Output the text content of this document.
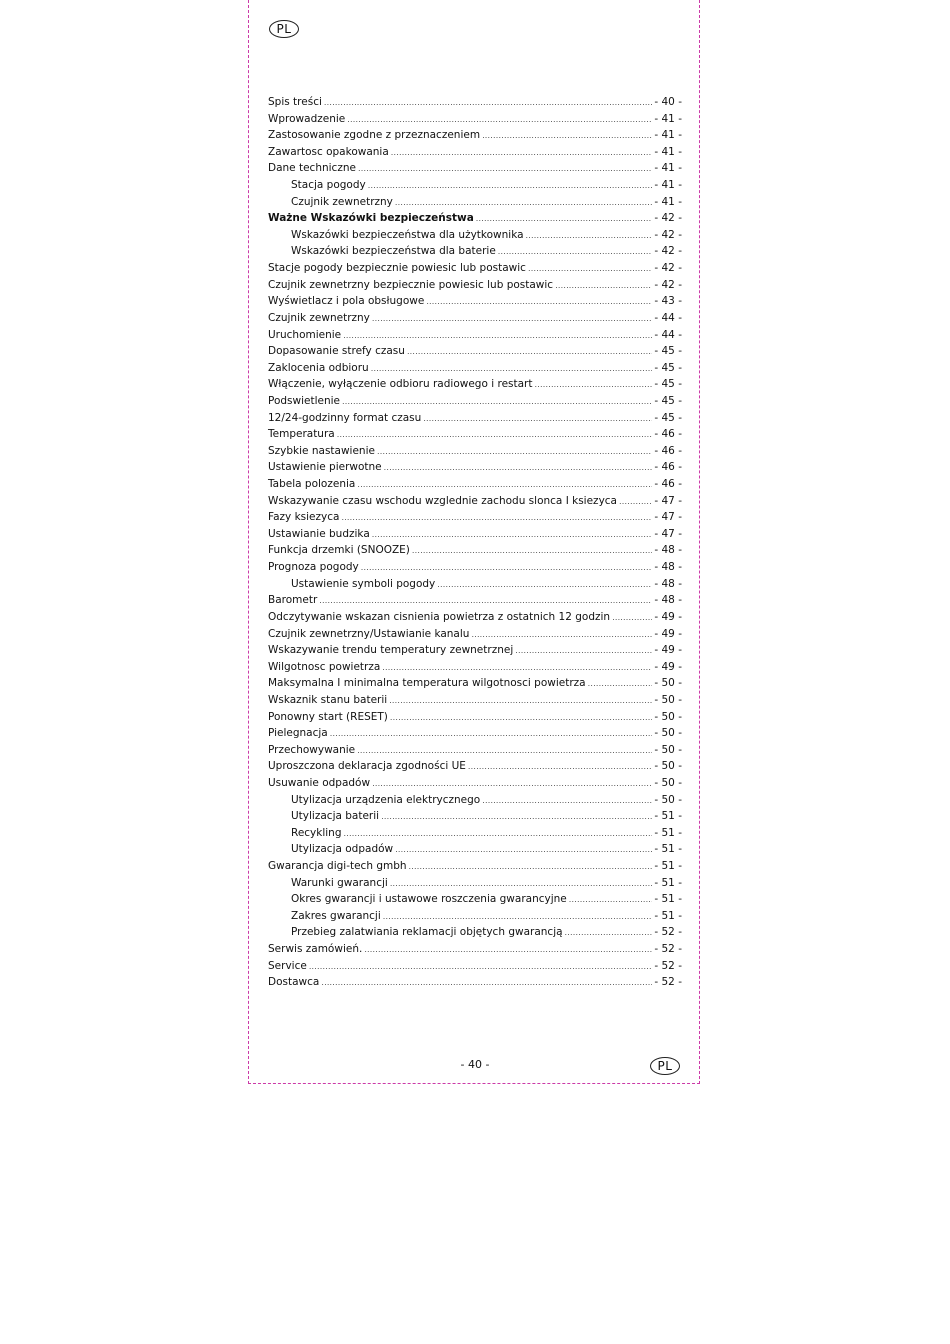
PL
Spis treści .....	- 40 -
Wprowadzenie .....	- 41 -
Zastosowanie zgodne z przeznaczeniem .....	- 41 -
Zawartosc opakowania .....	- 41 -
Dane techniczne .....	- 41 -
Stacja pogody .....	- 41 -
Czujnik zewnetrzny .....	- 41 -
Ważne Wskazówki bezpieczeństwa .....	- 42 -
Wskazówki bezpieczeństwa dla użytkownika .....	- 42 -
Wskazówki bezpieczeństwa dla baterie .....	- 42 -
Stacje pogody bezpiecznie powiesic lub postawic .....	- 42 -
Czujnik zewnetrzny bezpiecznie powiesic lub postawic .....	- 42 -
Wyświetlacz i pola obsługowe .....	- 43 -
Czujnik zewnetrzny .....	- 44 -
Uruchomienie .....	- 44 -
Dopasowanie strefy czasu .....	- 45 -
Zaklocenia odbioru .....	- 45 -
Włączenie, wyłączenie odbioru radiowego i restart .....	- 45 -
Podswietlenie .....	- 45 -
12/24-godzinny format czasu .....	- 45 -
Temperatura .....	- 46 -
Szybkie nastawienie .....	- 46 -
Ustawienie pierwotne .....	- 46 -
Tabela polozenia .....	- 46 -
Wskazywanie czasu wschodu wzglednie zachodu slonca I ksiezyca .....	- 47 -
Fazy ksiezyca .....	- 47 -
Ustawianie budzika .....	- 47 -
Funkcja drzemki (SNOOZE) .....	- 48 -
Prognoza pogody .....	- 48 -
Ustawienie symboli pogody .....	- 48 -
Barometr .....	- 48 -
Odczytywanie wskazan cisnienia powietrza z ostatnich 12 godzin .....	- 49 -
Czujnik zewnetrzny/Ustawianie kanalu .....	- 49 -
Wskazywanie trendu temperatury zewnetrznej .....	- 49 -
Wilgotnosc powietrza .....	- 49 -
Maksymalna I minimalna temperatura wilgotnosci powietrza .....	- 50 -
Wskaznik stanu baterii .....	- 50 -
Ponowny start (RESET) .....	- 50 -
Pielegnacja .....	- 50 -
Przechowywanie .....	- 50 -
Uproszczona deklaracja zgodności UE .....	- 50 -
Usuwanie odpadów .....	- 50 -
Utylizacja urządzenia elektrycznego .....	- 50 -
Utylizacja baterii .....	- 51 -
Recykling .....	- 51 -
Utylizacja odpadów .....	- 51 -
Gwarancja digi-tech gmbh .....	- 51 -
Warunki gwarancji .....	- 51 -
Okres gwarancji i ustawowe roszczenia gwarancyjne .....	- 51 -
Zakres gwarancji .....	- 51 -
Przebieg zalatwiania reklamacji objętych gwarancją .....	- 52 -
Serwis zamówień. .....	- 52 -
Service .....	- 52 -
Dostawca .....	- 52 -
- 40 -	PL
